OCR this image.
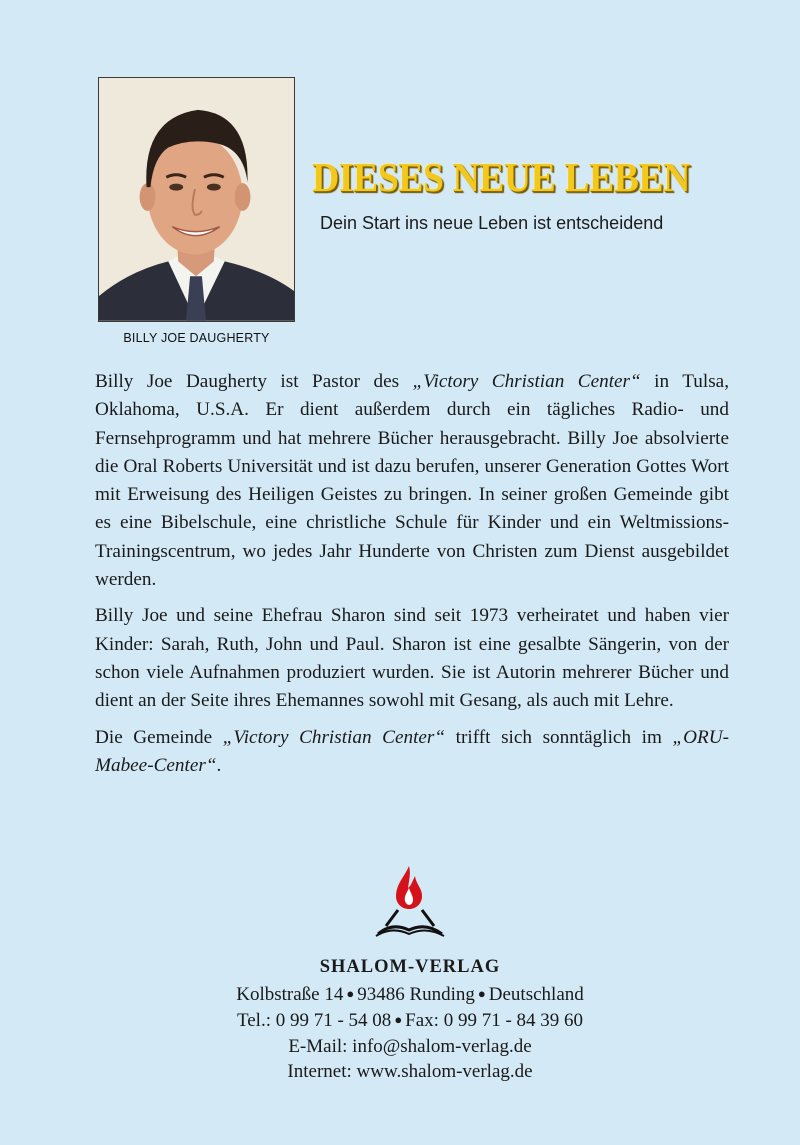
BILLY JOE DAUGHERTY
DIESES NEUE LEBEN
Dein Start ins neue Leben ist entscheidend

Billy Joe Daugherty ist Pastor des „Victory Christian Center“ in Tulsa, Oklahoma, U.S.A. Er dient außerdem durch ein tägliches Radio- und Fernsehprogramm und hat mehrere Bücher herausgebracht. Billy Joe absolvierte die Oral Roberts Universität und ist dazu berufen, unserer Generation Gottes Wort mit Erweisung des Heiligen Geistes zu bringen. In seiner großen Gemeinde gibt es eine Bibelschule, eine christliche Schule für Kinder und ein Weltmissions-Trainingscentrum, wo jedes Jahr Hunderte von Christen zum Dienst ausgebildet werden.

Billy Joe und seine Ehefrau Sharon sind seit 1973 verheiratet und haben vier Kinder: Sarah, Ruth, John und Paul. Sharon ist eine gesalbte Sängerin, von der schon viele Aufnahmen produziert wurden. Sie ist Autorin mehrerer Bücher und dient an der Seite ihres Ehemannes sowohl mit Gesang, als auch mit Lehre.

Die Gemeinde „Victory Christian Center“ trifft sich sonntäglich im „ORU-Mabee-Center“.

SHALOM-VERLAG
Kolbstraße 14 ● 93486 Runding ● Deutschland
Tel.: 0 99 71 - 54 08 ● Fax: 0 99 71 - 84 39 60
E-Mail: info@shalom-verlag.de
Internet: www.shalom-verlag.de
